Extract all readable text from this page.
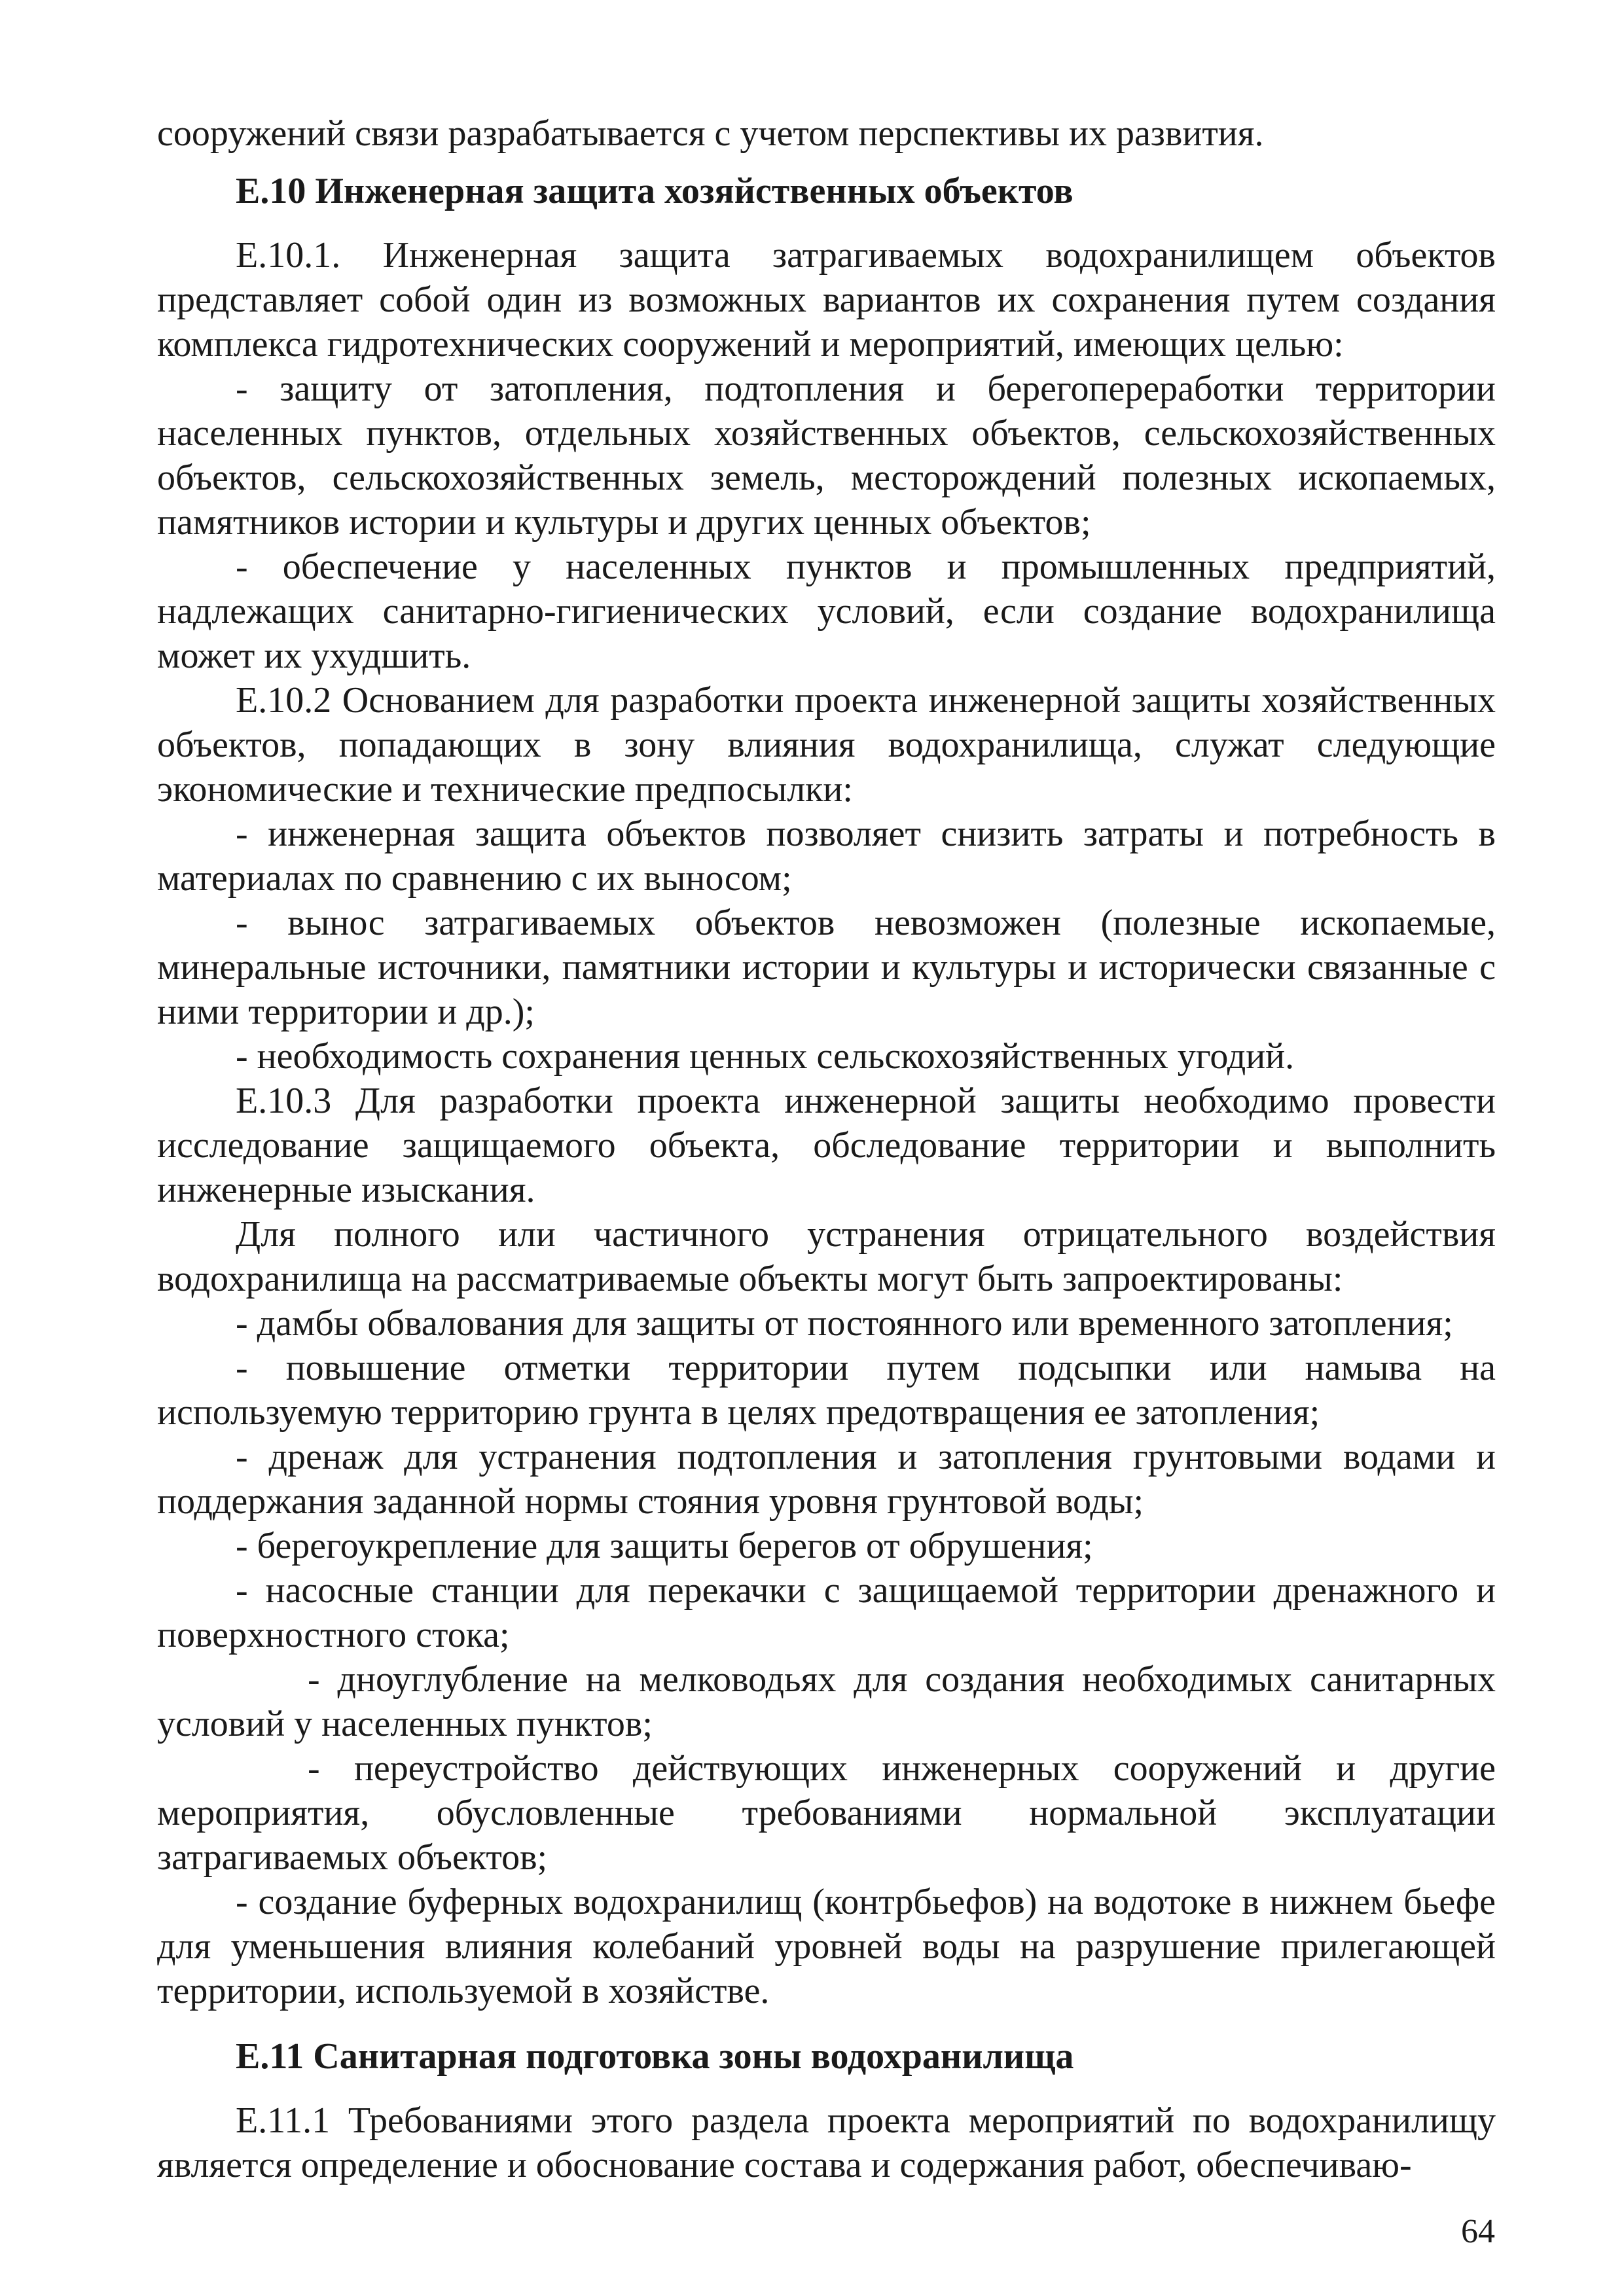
сооружений связи разрабатывается с учетом перспективы их развития.

Е.10 Инженерная защита хозяйственных объектов

Е.10.1. Инженерная защита затрагиваемых водохранилищем объектов представляет собой один из возможных вариантов их сохранения путем создания комплекса гидротехнических сооружений и мероприятий, имеющих целью:

- защиту от затопления, подтопления и берегопереработки территории населенных пунктов, отдельных хозяйственных объектов, сельскохозяйственных объектов, сельскохозяйственных земель, месторождений полезных ископаемых, памятников истории и культуры и других ценных объектов;

- обеспечение у населенных пунктов и промышленных предприятий, надлежащих санитарно-гигиенических условий, если создание водохранилища может их ухудшить.

Е.10.2 Основанием для разработки проекта инженерной защиты хозяйственных объектов, попадающих в зону влияния водохранилища, служат следующие экономические и технические предпосылки:

- инженерная защита объектов позволяет снизить затраты и потребность в материалах по сравнению с их выносом;

- вынос затрагиваемых объектов невозможен (полезные ископаемые, минеральные источники, памятники истории и культуры и исторически связанные с ними территории и др.);

- необходимость сохранения ценных сельскохозяйственных угодий.

Е.10.3 Для разработки проекта инженерной защиты необходимо провести исследование защищаемого объекта, обследование территории и выполнить инженерные изыскания.

Для полного или частичного устранения отрицательного воздействия водохранилища на рассматриваемые объекты могут быть запроектированы:

- дамбы обвалования для защиты от постоянного или временного затопления;

- повышение отметки территории путем подсыпки или намыва на используемую территорию грунта в целях предотвращения ее затопления;

- дренаж для устранения подтопления и затопления грунтовыми водами и поддержания заданной нормы стояния уровня грунтовой воды;

- берегоукрепление для защиты берегов от обрушения;

- насосные станции для перекачки с защищаемой территории дренажного и поверхностного стока;

- дноуглубление на мелководьях для создания необходимых санитарных условий у населенных пунктов;

- переустройство действующих инженерных сооружений и другие мероприятия, обусловленные требованиями нормальной эксплуатации затрагиваемых объектов;

- создание буферных водохранилищ (контрбьефов) на водотоке в нижнем бьефе для уменьшения влияния колебаний уровней воды на разрушение прилегающей территории, используемой в хозяйстве.

Е.11 Санитарная подготовка зоны водохранилища

Е.11.1 Требованиями этого раздела проекта мероприятий по водохранилищу является определение и обоснование состава и содержания работ, обеспечиваю-

64
